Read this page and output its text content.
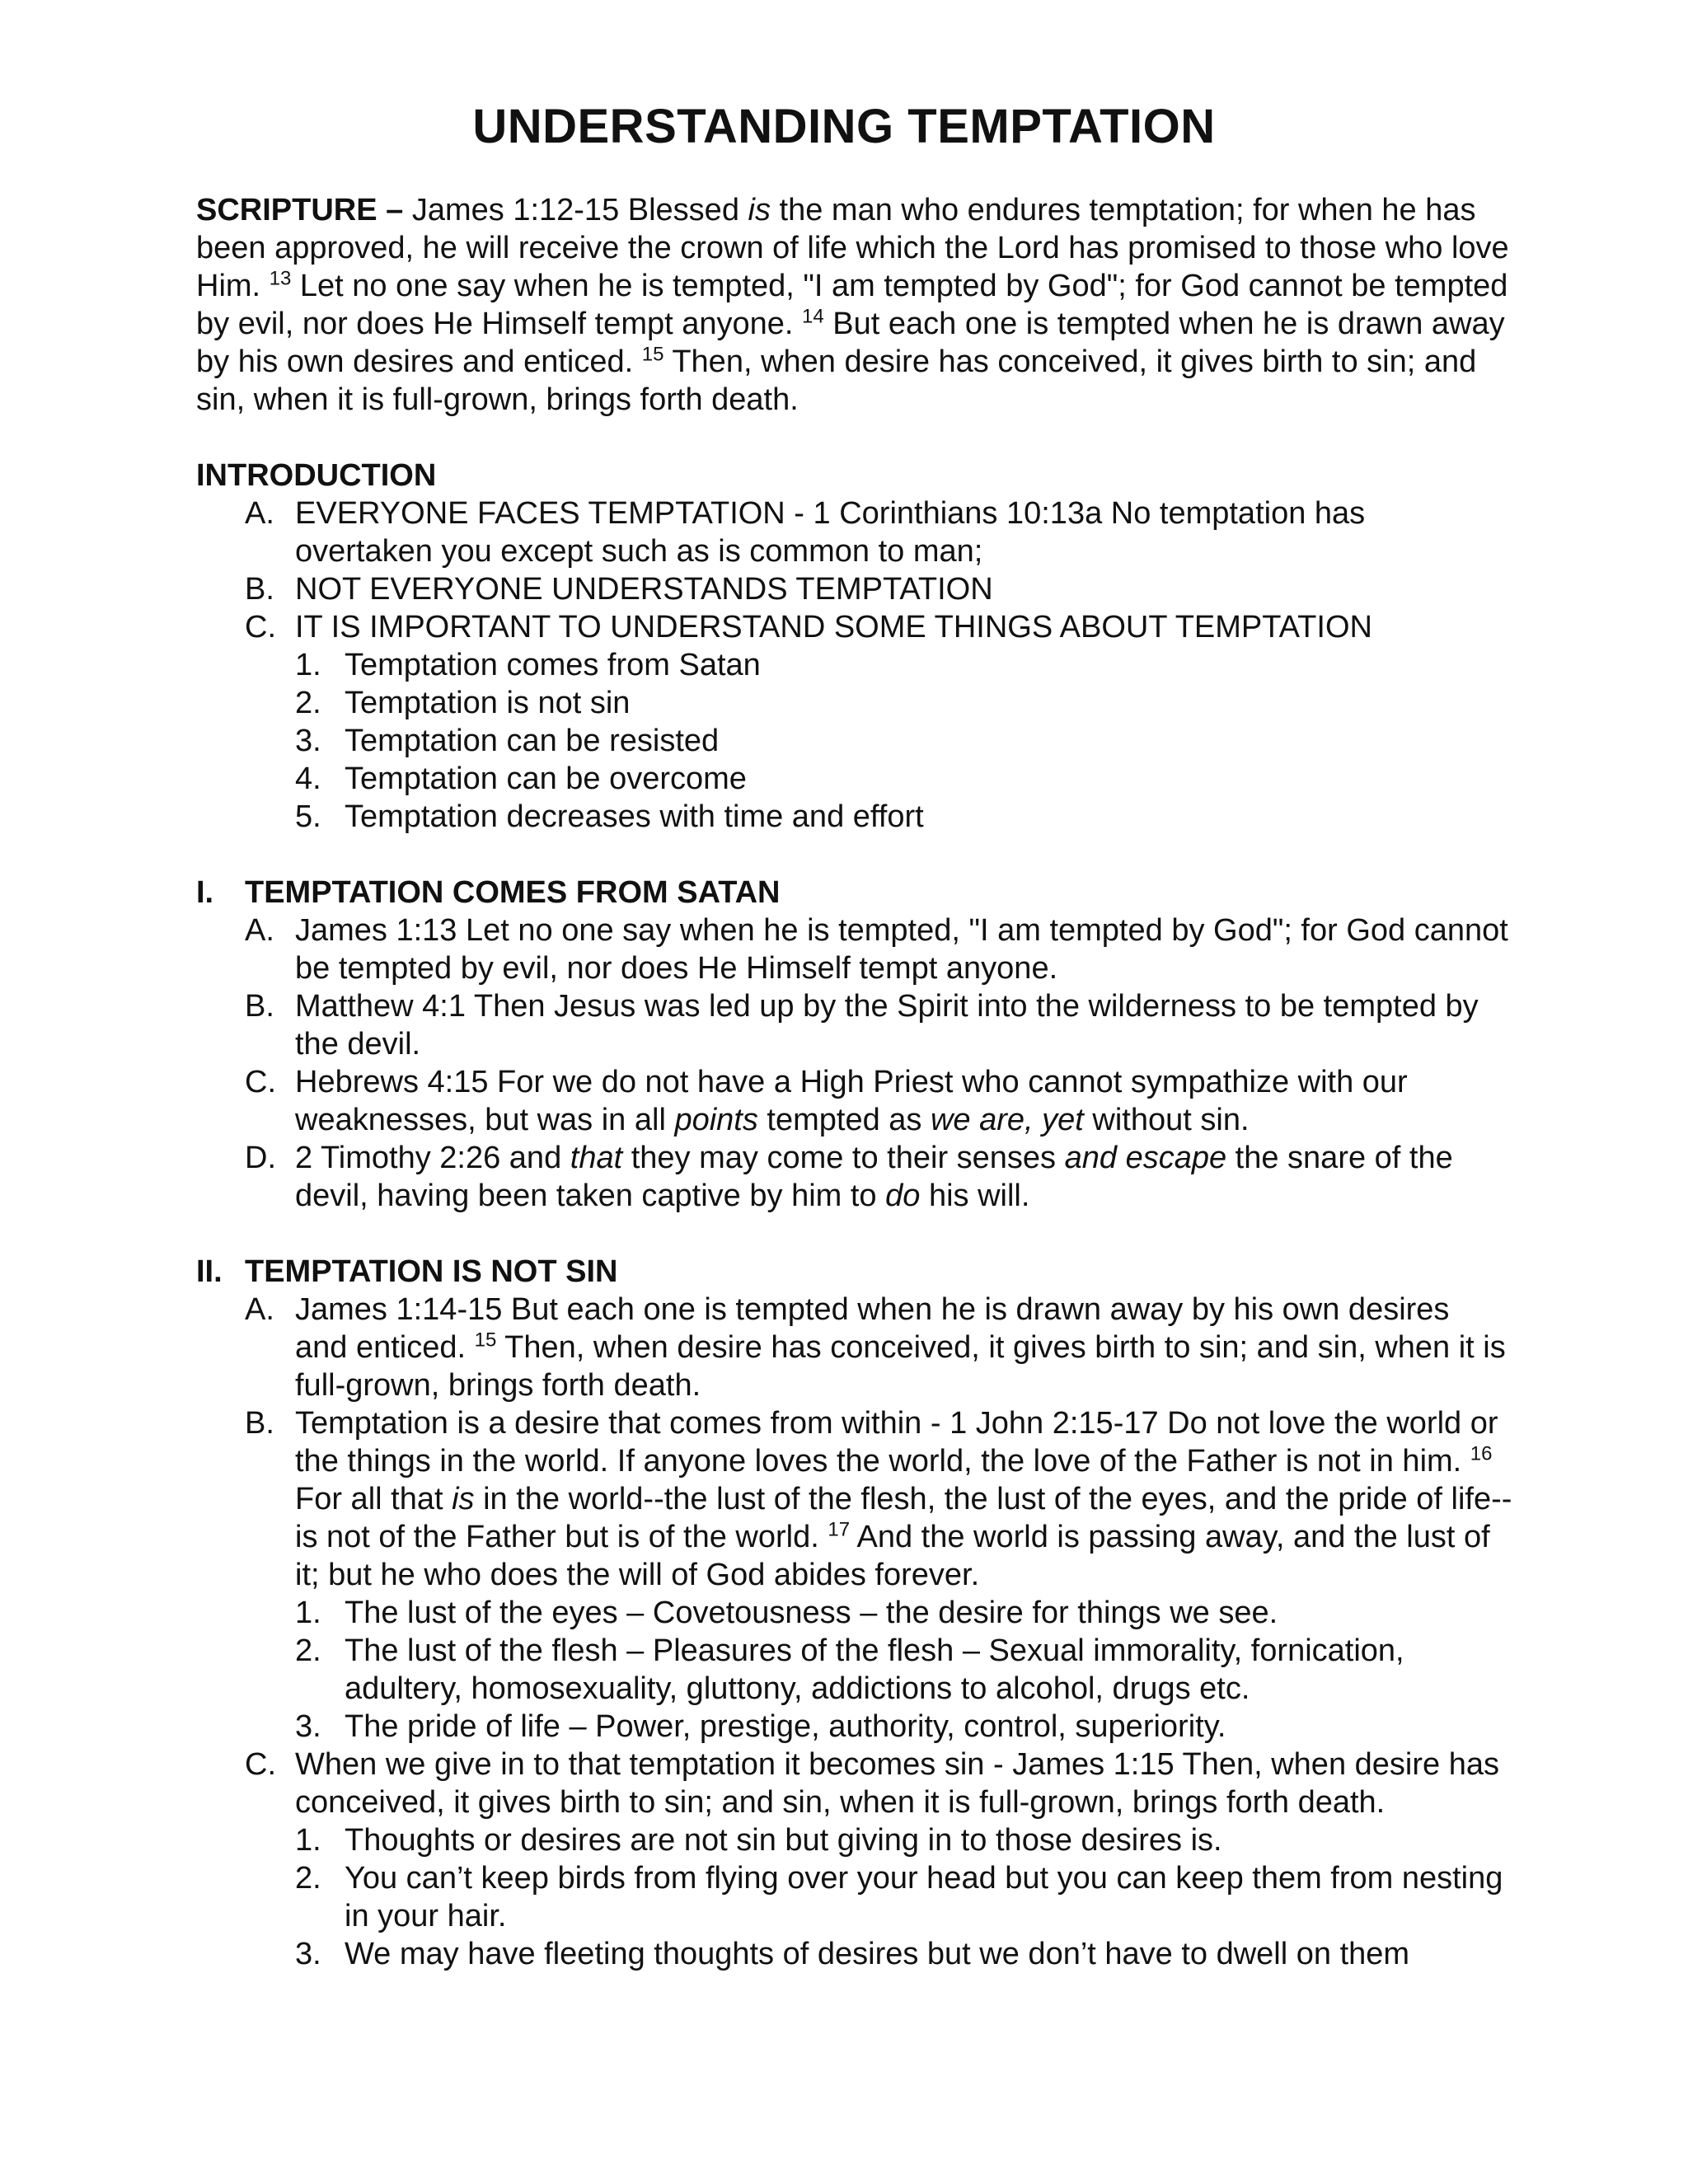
UNDERSTANDING TEMPTATION
SCRIPTURE – James 1:12-15 Blessed is the man who endures temptation; for when he has
been approved, he will receive the crown of life which the Lord has promised to those who love
Him. $^{13}$ Let no one say when he is tempted, "I am tempted by God"; for God cannot be tempted
by evil, nor does He Himself tempt anyone. $^{14}$ But each one is tempted when he is drawn away
by his own desires and enticed. $^{15}$ Then, when desire has conceived, it gives birth to sin; and
sin, when it is full-grown, brings forth death.
INTRODUCTION
A. EVERYONE FACES TEMPTATION - 1 Corinthians 10:13a No temptation has
overtaken you except such as is common to man;
B. NOT EVERYONE UNDERSTANDS TEMPTATION
C. IT IS IMPORTANT TO UNDERSTAND SOME THINGS ABOUT TEMPTATION
1. Temptation comes from Satan
2. Temptation is not sin
3. Temptation can be resisted
4. Temptation can be overcome
5. Temptation decreases with time and effort
I. TEMPTATION COMES FROM SATAN
A. James 1:13 Let no one say when he is tempted, "I am tempted by God"; for God cannot
be tempted by evil, nor does He Himself tempt anyone.
B. Matthew 4:1 Then Jesus was led up by the Spirit into the wilderness to be tempted by
the devil.
C. Hebrews 4:15 For we do not have a High Priest who cannot sympathize with our
weaknesses, but was in all points tempted as we are, yet without sin.
D. 2 Timothy 2:26 and that they may come to their senses and escape the snare of the
devil, having been taken captive by him to do his will.
II. TEMPTATION IS NOT SIN
A. James 1:14-15 But each one is tempted when he is drawn away by his own desires
and enticed. $^{15}$ Then, when desire has conceived, it gives birth to sin; and sin, when it is
full-grown, brings forth death.
B. Temptation is a desire that comes from within - 1 John 2:15-17 Do not love the world or
the things in the world. If anyone loves the world, the love of the Father is not in him. $^{16}$
For all that is in the world--the lust of the flesh, the lust of the eyes, and the pride of life--
is not of the Father but is of the world. $^{17}$ And the world is passing away, and the lust of
it; but he who does the will of God abides forever.
1. The lust of the eyes – Covetousness – the desire for things we see.
2. The lust of the flesh – Pleasures of the flesh – Sexual immorality, fornication,
adultery, homosexuality, gluttony, addictions to alcohol, drugs etc.
3. The pride of life – Power, prestige, authority, control, superiority.
C. When we give in to that temptation it becomes sin - James 1:15 Then, when desire has
conceived, it gives birth to sin; and sin, when it is full-grown, brings forth death.
1. Thoughts or desires are not sin but giving in to those desires is.
2. You can’t keep birds from flying over your head but you can keep them from nesting
in your hair.
3. We may have fleeting thoughts of desires but we don’t have to dwell on them
